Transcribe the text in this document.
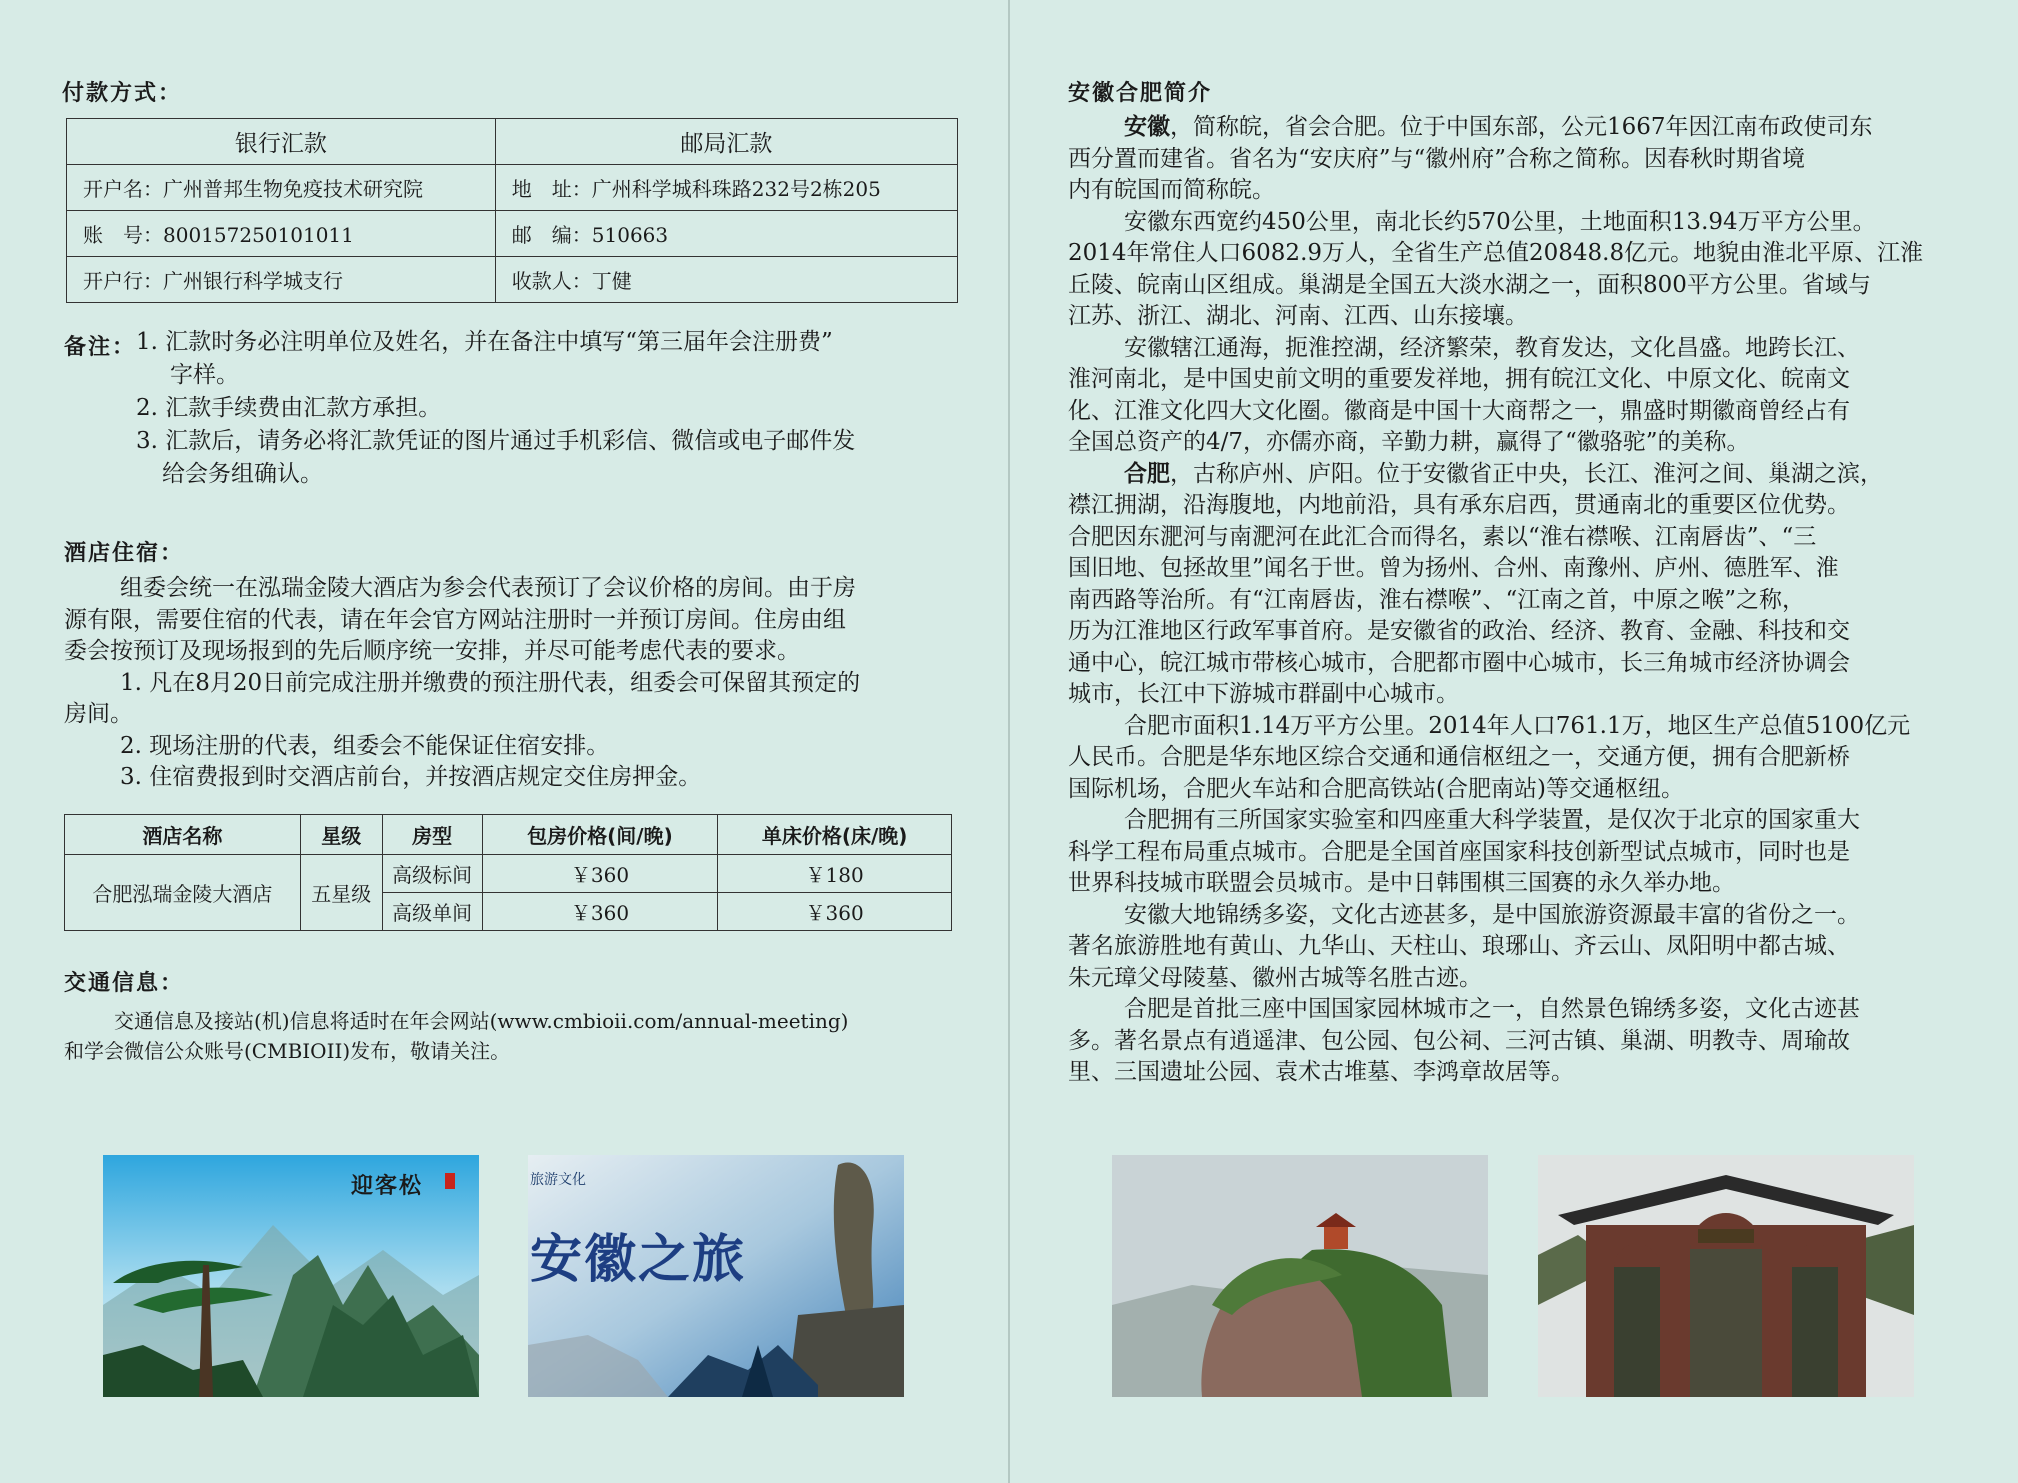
付款方式：
银行汇款	邮局汇款
开户名：广州普邦生物免疫技术研究院	地　址：广州科学城科珠路232号2栋205
账　号：800157250101011	邮　编：510663
开户行：广州银行科学城支行	收款人：丁健
备注： 1. 汇款时务必注明单位及姓名，并在备注中填写“第三届年会注册费”
字样。
2. 汇款手续费由汇款方承担。
3. 汇款后，请务必将汇款凭证的图片通过手机彩信、微信或电子邮件发
给会务组确认。
酒店住宿：
组委会统一在泓瑞金陵大酒店为参会代表预订了会议价格的房间。由于房
源有限，需要住宿的代表，请在年会官方网站注册时一并预订房间。住房由组
委会按预订及现场报到的先后顺序统一安排，并尽可能考虑代表的要求。
1. 凡在8月20日前完成注册并缴费的预注册代表，组委会可保留其预定的
房间。
2. 现场注册的代表，组委会不能保证住宿安排。
3. 住宿费报到时交酒店前台，并按酒店规定交住房押金。
酒店名称	星级	房型	包房价格(间/晚)	单床价格(床/晚)
合肥泓瑞金陵大酒店	五星级	高级标间	￥360	￥180
		高级单间	￥360	￥360
交通信息：
交通信息及接站(机)信息将适时在年会网站(www.cmbioii.com/annual-meeting)
和学会微信公众账号(CMBIOII)发布，敬请关注。
迎客松	旅游文化
安徽之旅
安徽合肥简介
安徽，简称皖，省会合肥。位于中国东部，公元1667年因江南布政使司东
西分置而建省。省名为“安庆府”与“徽州府”合称之简称。因春秋时期省境
内有皖国而简称皖。
安徽东西宽约450公里，南北长约570公里，土地面积13.94万平方公里。
2014年常住人口6082.9万人，全省生产总值20848.8亿元。地貌由淮北平原、江淮
丘陵、皖南山区组成。巢湖是全国五大淡水湖之一，面积800平方公里。省域与
江苏、浙江、湖北、河南、江西、山东接壤。
安徽辖江通海，扼淮控湖，经济繁荣，教育发达，文化昌盛。地跨长江、
淮河南北，是中国史前文明的重要发祥地，拥有皖江文化、中原文化、皖南文
化、江淮文化四大文化圈。徽商是中国十大商帮之一，鼎盛时期徽商曾经占有
全国总资产的4/7，亦儒亦商，辛勤力耕，赢得了“徽骆驼”的美称。
合肥，古称庐州、庐阳。位于安徽省正中央，长江、淮河之间、巢湖之滨，
襟江拥湖，沿海腹地，内地前沿，具有承东启西，贯通南北的重要区位优势。
合肥因东淝河与南淝河在此汇合而得名，素以“淮右襟喉、江南唇齿”、“三
国旧地、包拯故里”闻名于世。曾为扬州、合州、南豫州、庐州、德胜军、淮
南西路等治所。有“江南唇齿，淮右襟喉”、“江南之首，中原之喉”之称，
历为江淮地区行政军事首府。是安徽省的政治、经济、教育、金融、科技和交
通中心，皖江城市带核心城市，合肥都市圈中心城市，长三角城市经济协调会
城市，长江中下游城市群副中心城市。
合肥市面积1.14万平方公里。2014年人口761.1万，地区生产总值5100亿元
人民币。合肥是华东地区综合交通和通信枢纽之一，交通方便，拥有合肥新桥
国际机场，合肥火车站和合肥高铁站(合肥南站)等交通枢纽。
合肥拥有三所国家实验室和四座重大科学装置，是仅次于北京的国家重大
科学工程布局重点城市。合肥是全国首座国家科技创新型试点城市，同时也是
世界科技城市联盟会员城市。是中日韩围棋三国赛的永久举办地。
安徽大地锦绣多姿，文化古迹甚多，是中国旅游资源最丰富的省份之一。
著名旅游胜地有黄山、九华山、天柱山、琅琊山、齐云山、凤阳明中都古城、
朱元璋父母陵墓、徽州古城等名胜古迹。
合肥是首批三座中国国家园林城市之一，自然景色锦绣多姿，文化古迹甚
多。著名景点有逍遥津、包公园、包公祠、三河古镇、巢湖、明教寺、周瑜故
里、三国遗址公园、袁术古堆墓、李鸿章故居等。
